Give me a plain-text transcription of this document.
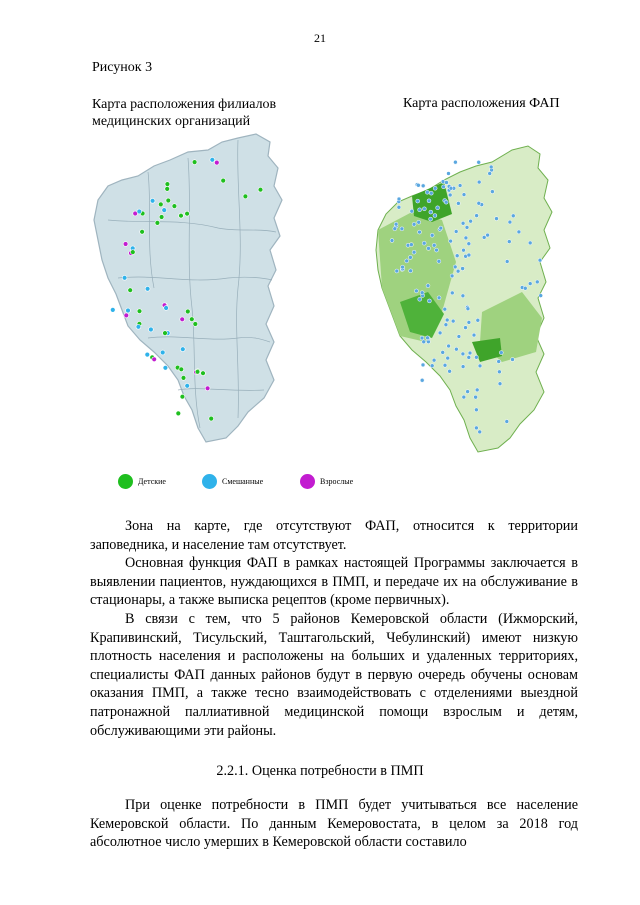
21
Рисунок 3
Карта расположения филиалов медицинских организаций
Карта расположения ФАП
Детские	Смешанные	Взрослые

Зона на карте, где отсутствуют ФАП, относится к территории заповедника, и население там отсутствует.

Основная функция ФАП в рамках настоящей Программы заключается в выявлении пациентов, нуждающихся в ПМП, и передаче их на обслуживание в стационары, а также выписка рецептов (кроме первичных).

В связи с тем, что 5 районов Кемеровской области (Ижморский, Крапивинский, Тисульский, Таштагольский, Чебулинский) имеют низкую плотность населения и расположены на больших и удаленных территориях, специалисты ФАП данных районов будут в первую очередь обучены основам оказания ПМП, а также тесно взаимодействовать с отделениями выездной патронажной паллиативной медицинской помощи взрослым и детям, обслуживающими эти районы.

2.2.1. Оценка потребности в ПМП

При оценке потребности в ПМП будет учитываться все население Кемеровской области. По данным Кемеровостата, в целом за 2018 год абсолютное число умерших в Кемеровской области составило
